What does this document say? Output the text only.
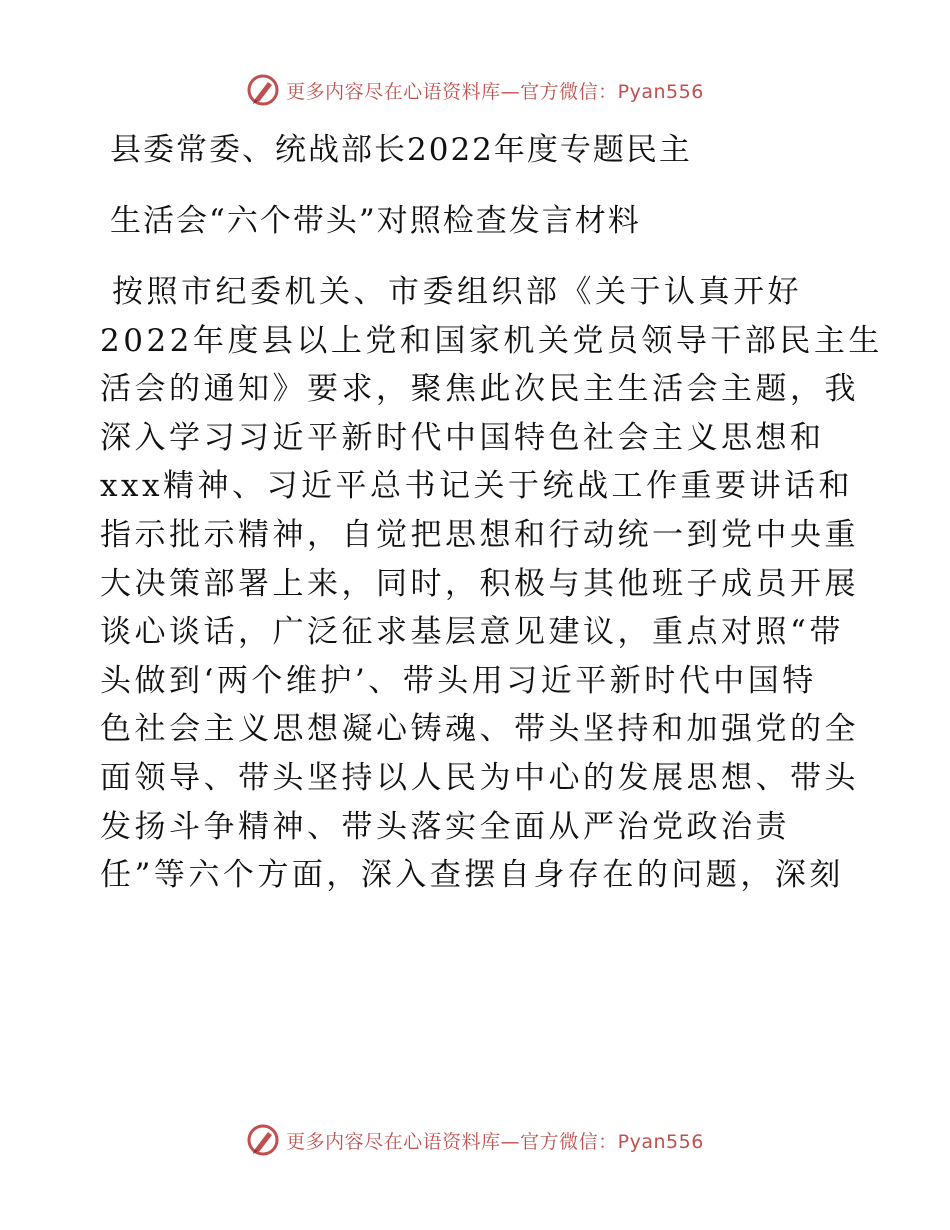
更多内容尽在心语资料库—官方微信：Pyan556
县委常委、统战部长2022年度专题民主
生活会“六个带头”对照检查发言材料
按照市纪委机关、市委组织部《关于认真开好
2022年度县以上党和国家机关党员领导干部民主生
活会的通知》要求，聚焦此次民主生活会主题，我
深入学习习近平新时代中国特色社会主义思想和
xxx精神、习近平总书记关于统战工作重要讲话和
指示批示精神，自觉把思想和行动统一到党中央重
大决策部署上来，同时，积极与其他班子成员开展
谈心谈话，广泛征求基层意见建议，重点对照“带
头做到‘两个维护’、带头用习近平新时代中国特
色社会主义思想凝心铸魂、带头坚持和加强党的全
面领导、带头坚持以人民为中心的发展思想、带头
发扬斗争精神、带头落实全面从严治党政治责
任”等六个方面，深入查摆自身存在的问题，深刻
更多内容尽在心语资料库—官方微信：Pyan556
